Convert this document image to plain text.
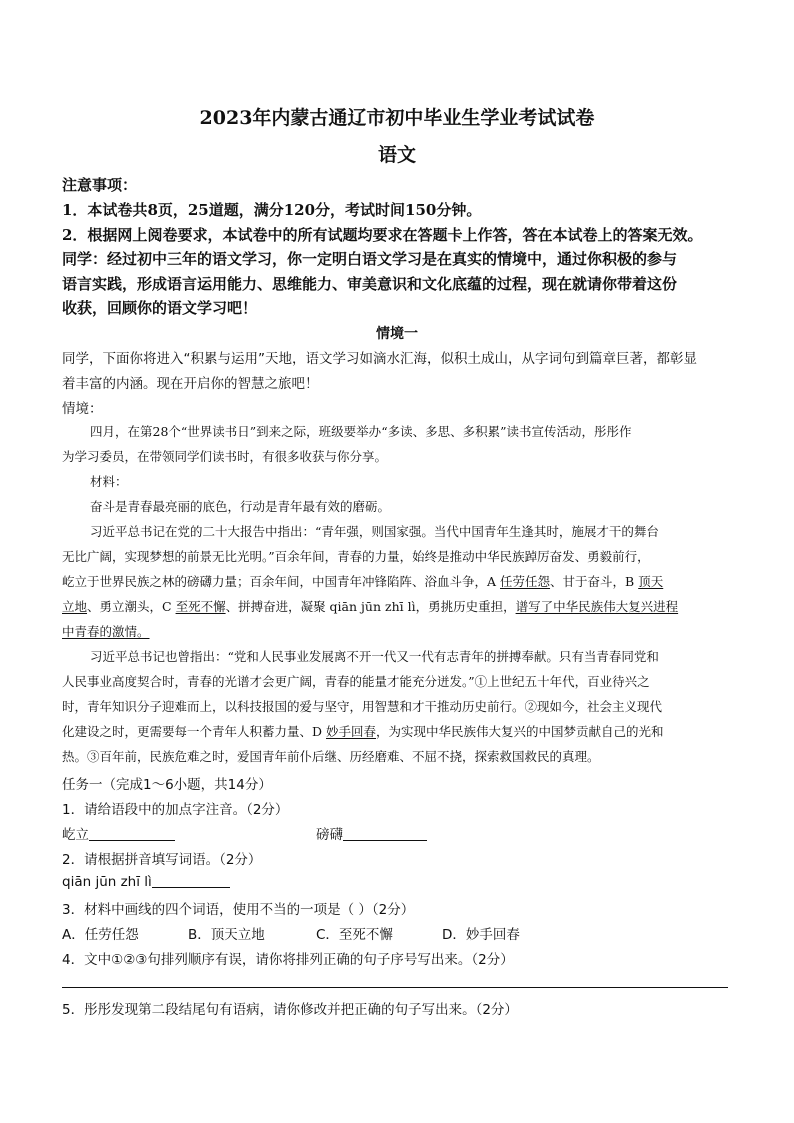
2023年内蒙古通辽市初中毕业生学业考试试卷
语文
注意事项：
1．本试卷共8页，25道题，满分120分，考试时间150分钟。
2．根据网上阅卷要求，本试卷中的所有试题均要求在答题卡上作答，答在本试卷上的答案无效。
同学：经过初中三年的语文学习，你一定明白语文学习是在真实的情境中，通过你积极的参与
语言实践，形成语言运用能力、思维能力、审美意识和文化底蕴的过程，现在就请你带着这份
收获，回顾你的语文学习吧！
情境一
同学，下面你将进入“积累与运用”天地，语文学习如滴水汇海，似积土成山，从字词句到篇章巨著，都彰显
着丰富的内涵。现在开启你的智慧之旅吧！
情境：
四月，在第28个“世界读书日”到来之际，班级要举办“多读、多思、多积累”读书宣传活动，彤彤作
为学习委员，在带领同学们读书时，有很多收获与你分享。
材料：
奋斗是青春最亮丽的底色，行动是青年最有效的磨砺。
习近平总书记在党的二十大报告中指出：“青年强，则国家强。当代中国青年生逢其时，施展才干的舞台
无比广阔，实现梦想的前景无比光明。”百余年间，青春的力量，始终是推动中华民族踔厉奋发、勇毅前行，
屹立于世界民族之林的磅礴力量；百余年间，中国青年冲锋陷阵、浴血斗争，A 任劳任怨、甘于奋斗，B 顶天
立地、勇立潮头，C 至死不懈、拼搏奋进，凝聚 qiān jūn zhī lì，勇挑历史重担，谱写了中华民族伟大复兴进程
中青春的激情。
习近平总书记也曾指出：“党和人民事业发展离不开一代又一代有志青年的拼搏奉献。只有当青春同党和
人民事业高度契合时，青春的光谱才会更广阔，青春的能量才能充分迸发。”①上世纪五十年代，百业待兴之
时，青年知识分子迎难而上，以科技报国的爱与坚守，用智慧和才干推动历史前行。②现如今，社会主义现代
化建设之时，更需要每一个青年人积蓄力量、D 妙手回春，为实现中华民族伟大复兴的中国梦贡献自己的光和
热。③百年前，民族危难之时，爱国青年前仆后继、历经磨难、不屈不挠，探索救国救民的真理。
任务一（完成1～6小题，共14分）
1．请给语段中的加点字注音。（2分）
屹立	磅礴
2．请根据拼音填写词语。（2分）
qiān jūn zhī lì
3．材料中画线的四个词语，使用不当的一项是（ ）（2分）
A．任劳任怨	B．顶天立地	C．至死不懈	D．妙手回春
4．文中①②③句排列顺序有误，请你将排列正确的句子序号写出来。（2分）
5．彤彤发现第二段结尾句有语病，请你修改并把正确的句子写出来。（2分）
